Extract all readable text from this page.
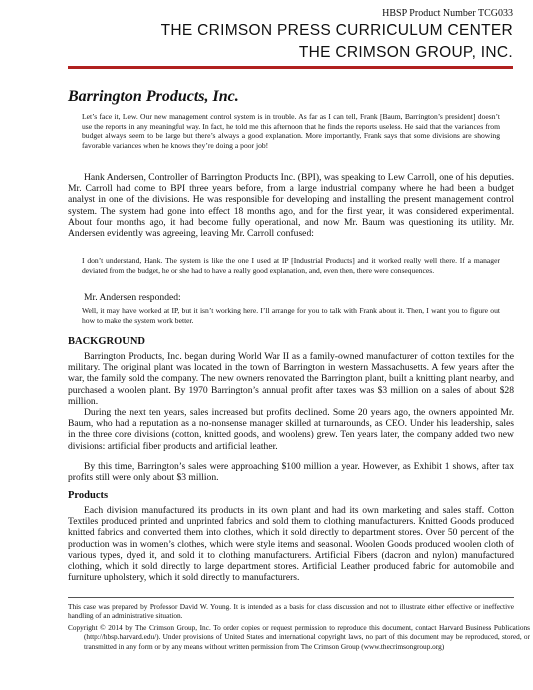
HBSP Product Number TCG033
THE CRIMSON PRESS CURRICULUM CENTER
THE CRIMSON GROUP, INC.
Barrington Products, Inc.

Let’s face it, Lew. Our new management control system is in trouble. As far as I can tell, Frank [Baum, Barrington’s president] doesn’t use the reports in any meaningful way. In fact, he told me this afternoon that he finds the reports useless. He said that the variances from budget always seem to be large but there’s always a good explanation. More importantly, Frank says that some divisions are showing favorable variances when he knows they’re doing a poor job!

Hank Andersen, Controller of Barrington Products Inc. (BPI), was speaking to Lew Carroll, one of his deputies. Mr. Carroll had come to BPI three years before, from a large industrial company where he had been a budget analyst in one of the divisions. He was responsible for developing and installing the present management control system. The system had gone into effect 18 months ago, and for the first year, it was considered experimental. About four months ago, it had become fully operational, and now Mr. Baum was questioning its utility. Mr. Andersen evidently was agreeing, leaving Mr. Carroll confused:

I don’t understand, Hank. The system is like the one I used at IP [Industrial Products] and it worked really well there. If a manager deviated from the budget, he or she had to have a really good explanation, and, even then, there were consequences.

Mr. Andersen responded:

Well, it may have worked at IP, but it isn’t working here. I’ll arrange for you to talk with Frank about it. Then, I want you to figure out how to make the system work better.

BACKGROUND

Barrington Products, Inc. began during World War II as a family-owned manufacturer of cotton textiles for the military. The original plant was located in the town of Barrington in western Massachusetts. A few years after the war, the family sold the company. The new owners renovated the Barrington plant, built a knitting plant nearby, and purchased a woolen plant. By 1970 Barrington’s annual profit after taxes was $3 million on a sales of about $28 million.

During the next ten years, sales increased but profits declined. Some 20 years ago, the owners appointed Mr. Baum, who had a reputation as a no-nonsense manager skilled at turnarounds, as CEO. Under his leadership, sales in the three core divisions (cotton, knitted goods, and woolens) grew. Ten years later, the company added two new divisions: artificial fiber products and artificial leather.

By this time, Barrington’s sales were approaching $100 million a year. However, as Exhibit 1 shows, after tax profits still were only about $3 million.

Products

Each division manufactured its products in its own plant and had its own marketing and sales staff. Cotton Textiles produced printed and unprinted fabrics and sold them to clothing manufacturers. Knitted Goods produced knitted fabrics and converted them into clothes, which it sold directly to department stores. Over 50 percent of the production was in women’s clothes, which were style items and seasonal. Woolen Goods produced woolen cloth of various types, dyed it, and sold it to clothing manufacturers. Artificial Fibers (dacron and nylon) manufactured clothing, which it sold directly to large department stores. Artificial Leather produced fabric for automobile and furniture upholstery, which it sold directly to manufacturers.

This case was prepared by Professor David W. Young. It is intended as a basis for class discussion and not to illustrate either effective or ineffective handling of an administrative situation.

Copyright © 2014 by The Crimson Group, Inc. To order copies or request permission to reproduce this document, contact Harvard Business Publications (http://hbsp.harvard.edu/). Under provisions of United States and international copyright laws, no part of this document may be reproduced, stored, or transmitted in any form or by any means without written permission from The Crimson Group (www.thecrimsongroup.org)
